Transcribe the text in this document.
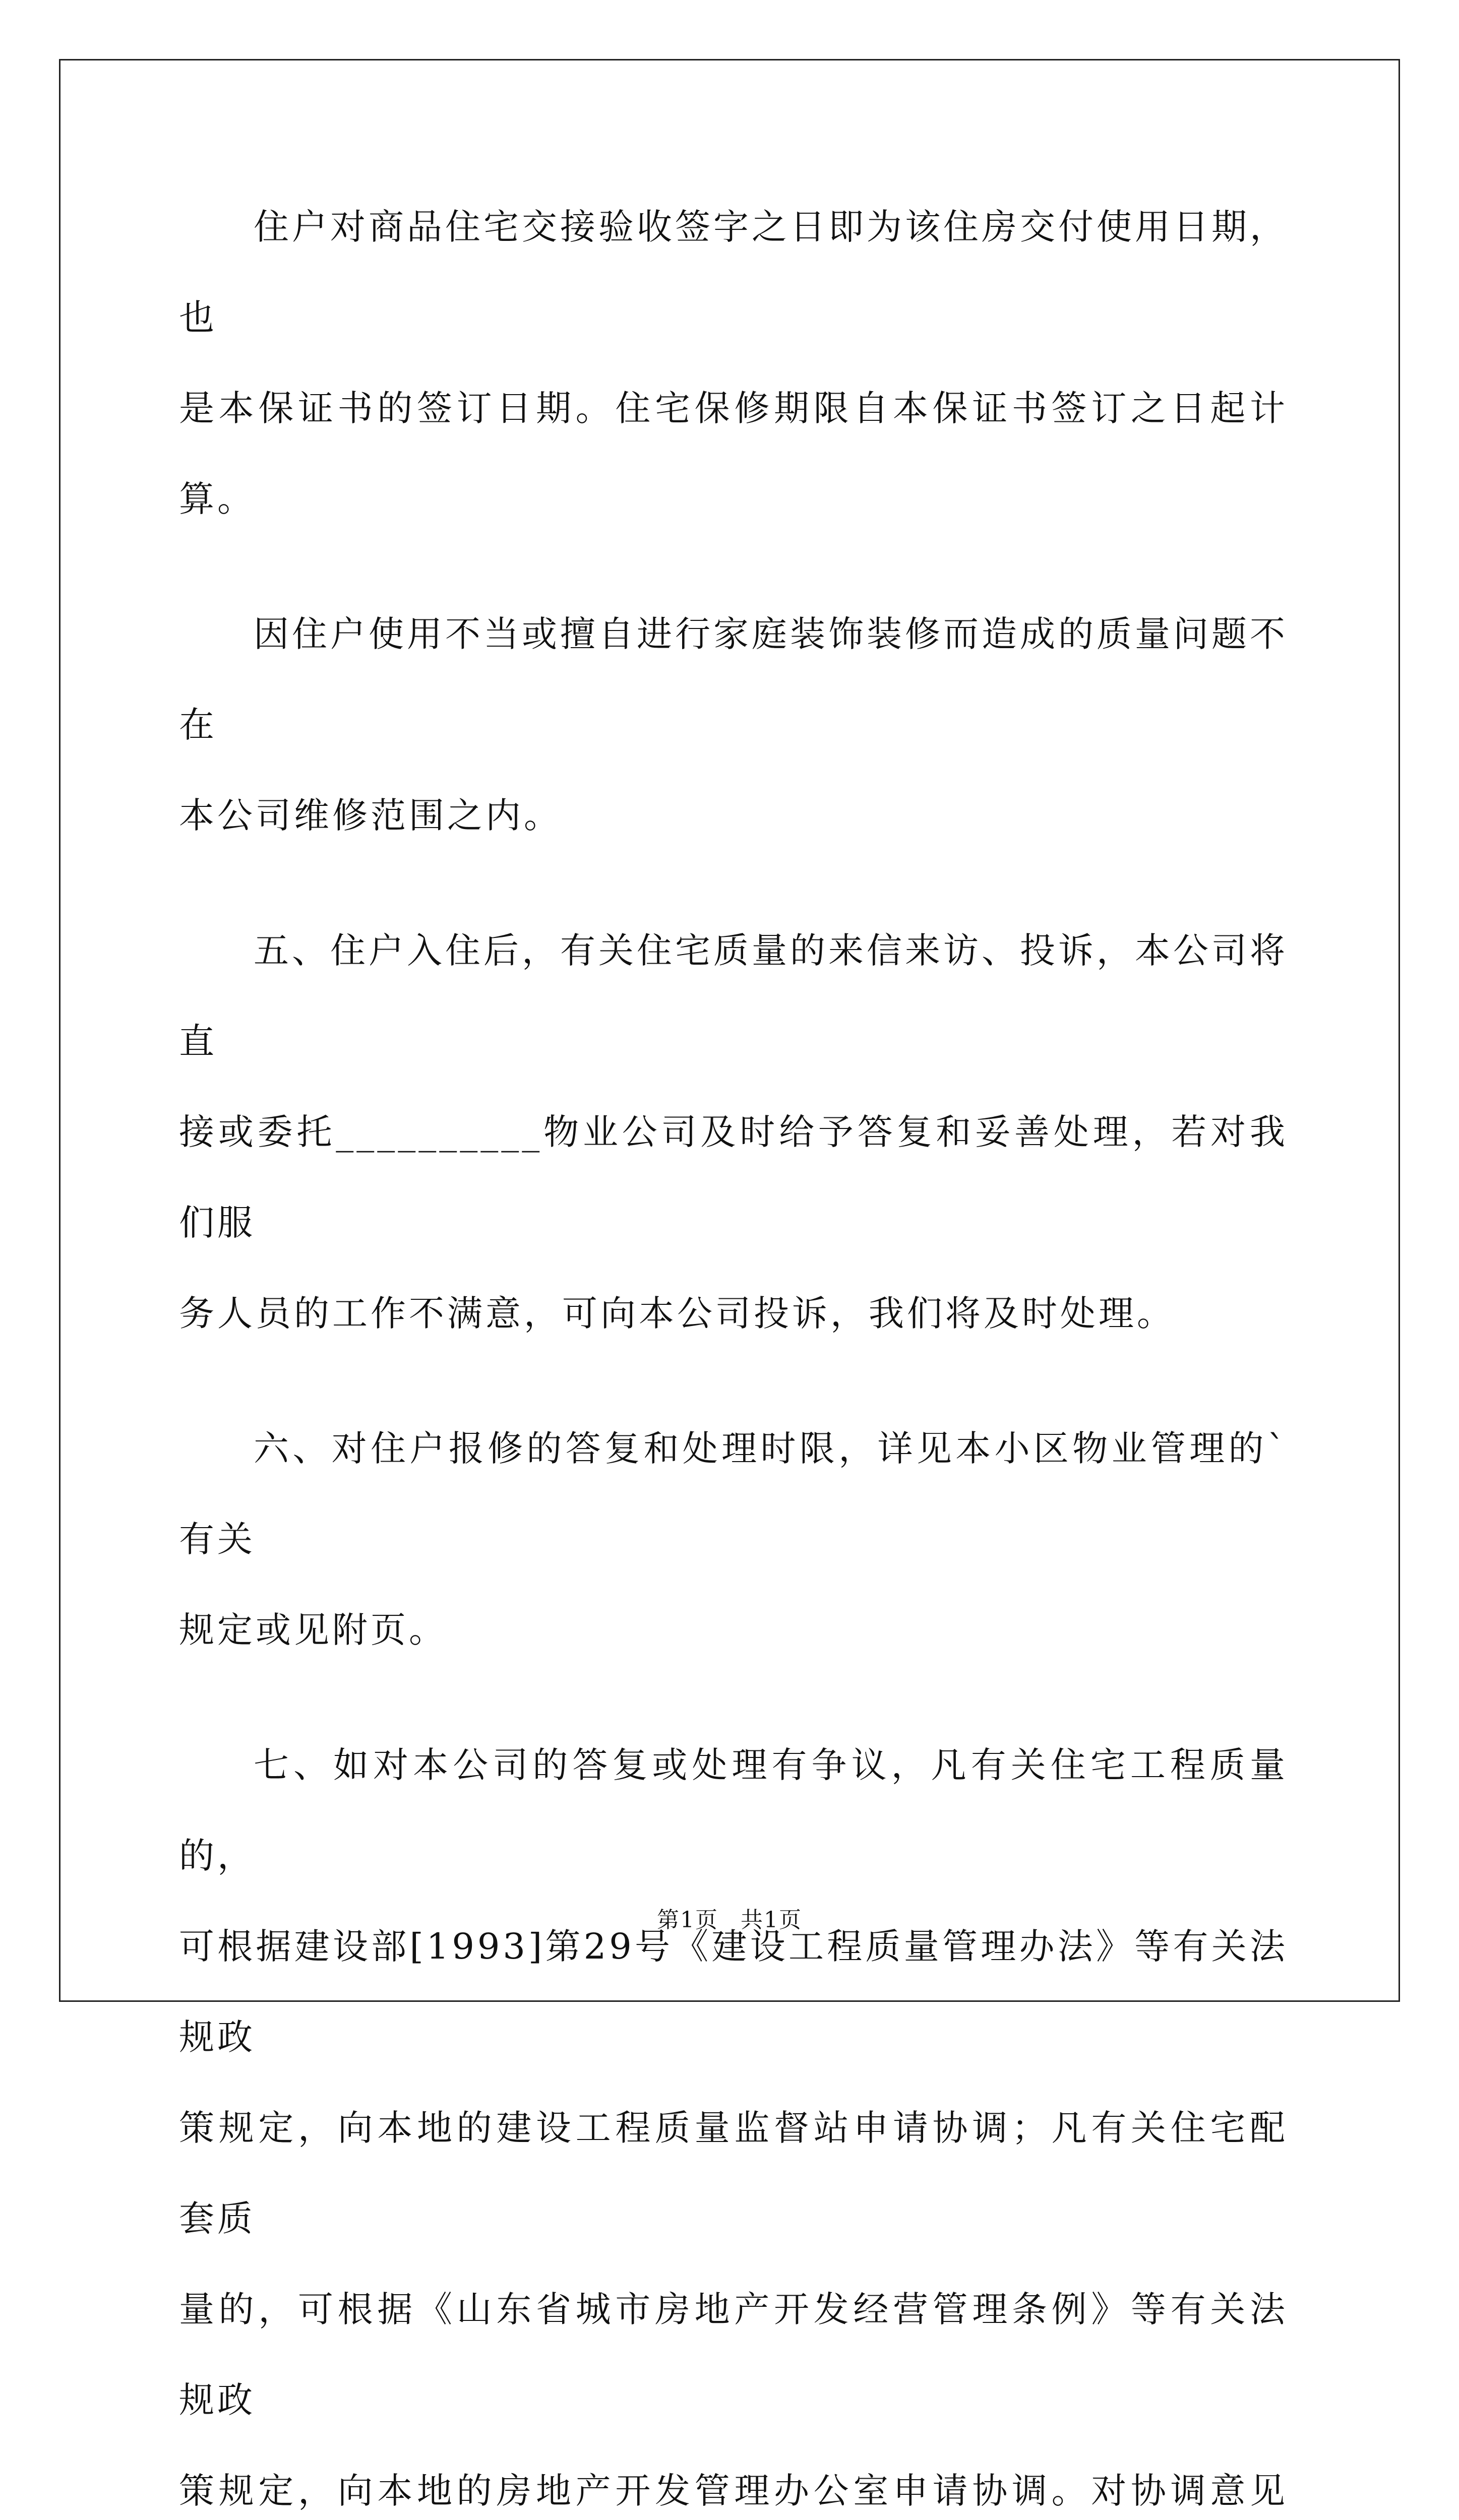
住户对商品住宅交接验收签字之日即为该住房交付使用日期，也
是本保证书的签订日期。住宅保修期限自本保证书签订之日起计算。

因住户使用不当或擅自进行家庭装饰装修而造成的质量问题不在
本公司维修范围之内。

五、住户入住后，有关住宅质量的来信来访、投诉，本公司将直
接或委托__________物业公司及时给予答复和妥善处理，若对我们服
务人员的工作不满意，可向本公司投诉，我们将及时处理。

六、对住户报修的答复和处理时限，详见本小区物业管理的`有关
规定或见附页。

七、如对本公司的答复或处理有争议，凡有关住宅工程质量的，
可根据建设部[1993]第29号《建设工程质量管理办法》等有关法规政
策规定，向本地的建设工程质量监督站申请协调；凡有关住宅配套质
量的，可根据《山东省城市房地产开发经营管理条例》等有关法规政
策规定，向本地的房地产开发管理办公室申请协调。对协调意见

第1页 共1页
